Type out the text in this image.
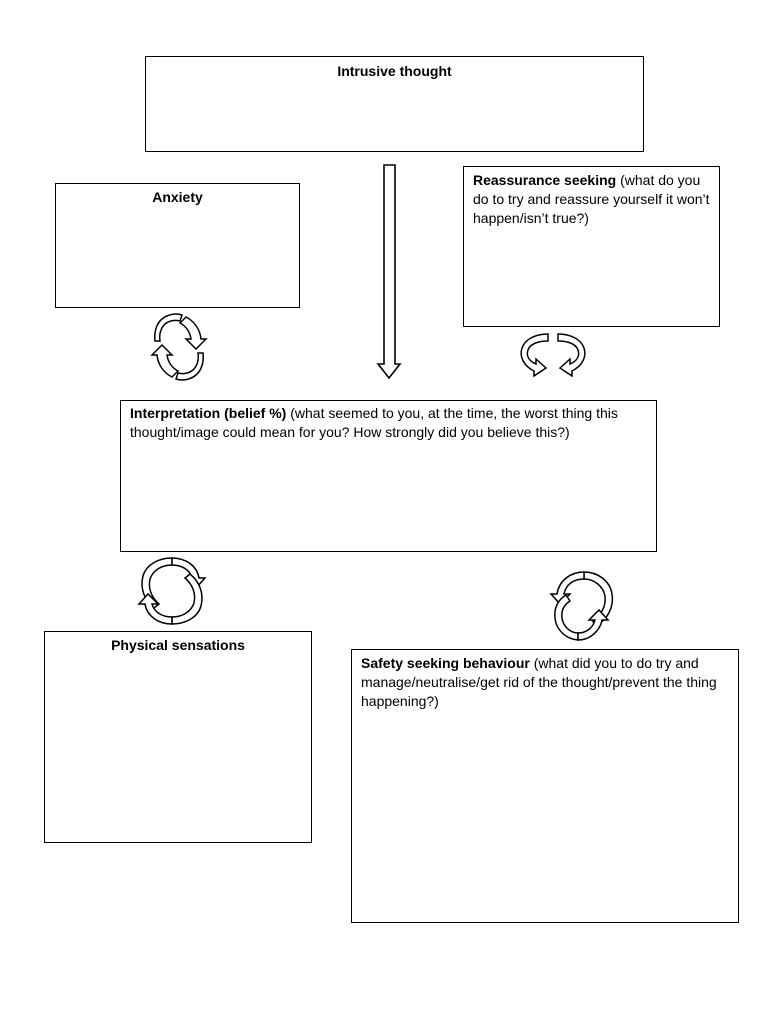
Intrusive thought
Anxiety
Reassurance seeking (what do you do to try and reassure yourself it won’t happen/isn’t true?)
Interpretation (belief %) (what seemed to you, at the time, the worst thing this thought/image could mean for you? How strongly did you believe this?)
Physical sensations
Safety seeking behaviour (what did you to do try and manage/neutralise/get rid of the thought/prevent the thing happening?)
